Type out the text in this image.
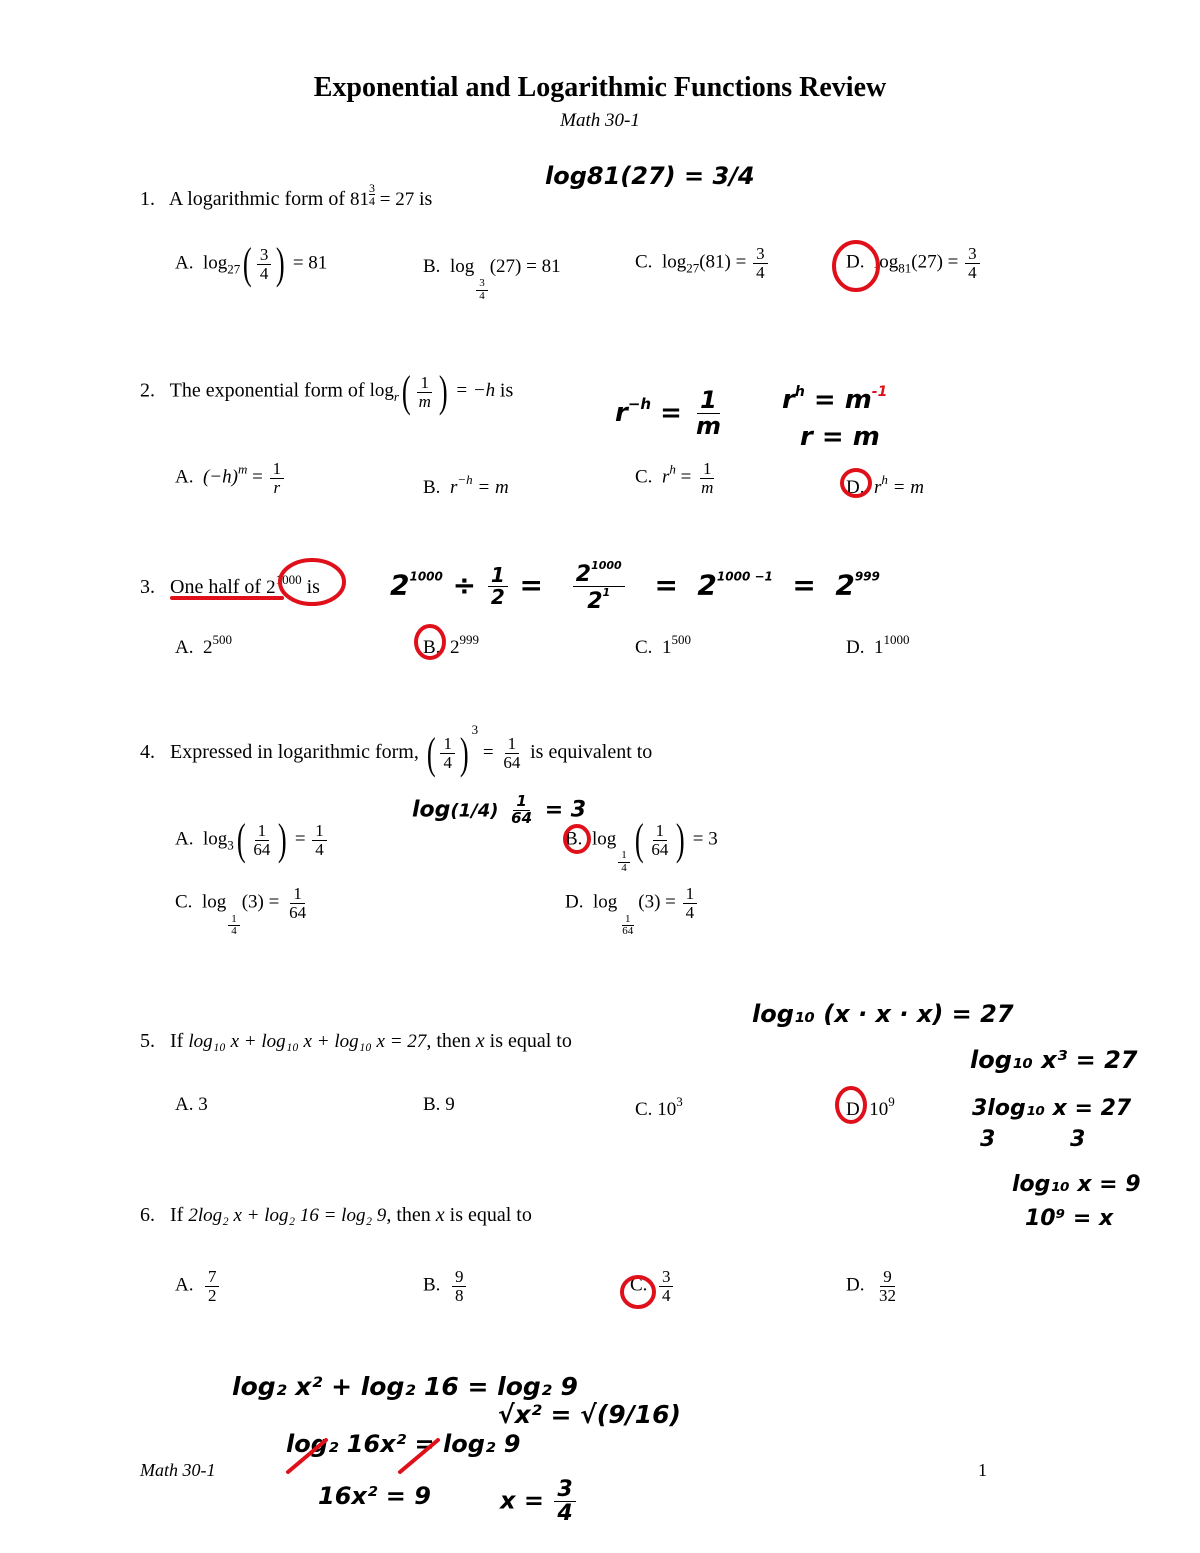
Exponential and Logarithmic Functions Review
Math 30-1
1. A logarithmic form of $81 \frac{3}{4} = 27$ is
A. $\log_{27}( \frac{3}{4}$ ) = 81	B. log
$\frac{3}{4}$
(27) = 81	C. $\log_{27}(81) = \frac{3}{4}$	D. $\log_{81}(27) = \frac{3}{4}$
log81(27) = 3/4
2. The exponential form of $\log_r( \frac{1}{m}$ ) = −h is
A. $(-h)^m = \frac{1}{r}$	B. $r^{-h} = m$	C. $r^h = \frac{1}{m}$	D. $r^h = m$
$r^{-h} = \frac{1}{m} r^h = m^{-1}$
r = m
3. One half of $2^{1000}$ is
A. $2^{500}$	B. $2^{999}$	C. $1^{500}$	D. $1^{1000}$
$2^{1000} \div \frac{1}{2} = \frac{2^{1000}}{2^1} = 2^{1000 -1} = 2^{999}$
4. Expressed in logarithmic form, ( $\frac{1}{4}$ ) $^3 = \frac{1}{64}$ is equivalent to
A. $\log_3( \frac{1}{64}$ ) = $\frac{1}{4}$	B. log
$\frac{1}{4}$ ( $\frac{1}{64}$ ) = 3
C. log
$\frac{1}{4}$
$(3) = \frac{1}{64}$	D. log
$\frac{1}{64}$
$(3) = \frac{1}{4}$
$\log(1/4) \frac{1}{64} = 3$
5. If log₁₀ x + log₁₀ x + log₁₀ x = 27, then x is equal to
A. 3	B. 9	C. $10^3$	D. $10^9$
log₁₀ (x · x · x) = 27
log₁₀ x³ = 27
3log₁₀ x = 27
3	3
log₁₀ x = 9
10⁹ = x
6. If 2log₂ x + log₂ 16 = log₂ 9, then x is equal to
A. $\frac{7}{2}$	B. $\frac{9}{8}$	C. $\frac{3}{4}$	D. $\frac{9}{32}$
log₂ x² + log₂ 16 = log₂ 9
log₂ 16x² = log₂ 9
16x² = 9
√x² = √(9/16)
$x = \frac{3}{4}$
Math 30-1	1
